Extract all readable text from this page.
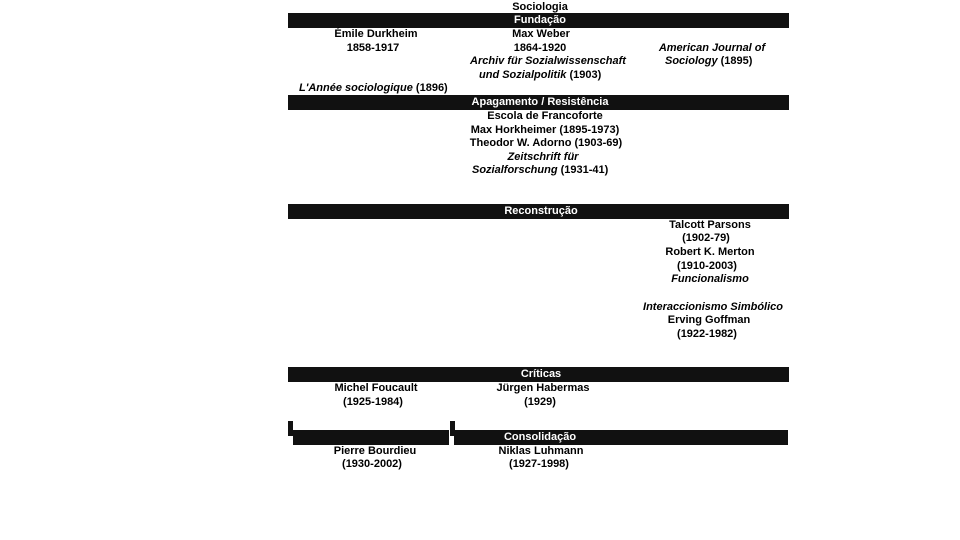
Sociologia
Fundação
Émile Durkheim
1858-1917
Max Weber
1864-1920
Archiv für Sozialwissenschaft
und Sozialpolitik (1903)
American Journal of
Sociology (1895)
L'Année sociologique (1896)
Apagamento / Resistência
Escola de Francoforte
Max Horkheimer (1895-1973)
Theodor W. Adorno (1903-69)
Zeitschrift für
Sozialforschung (1931-41)
Reconstrução
Talcott Parsons
(1902-79)
Robert K. Merton
(1910-2003)
Funcionalismo
Interaccionismo Simbólico
Erving Goffman
(1922-1982)
Críticas
Michel Foucault
(1925-1984)
Jürgen Habermas
(1929)
Consolidação
Pierre Bourdieu
(1930-2002)
Niklas Luhmann
(1927-1998)
